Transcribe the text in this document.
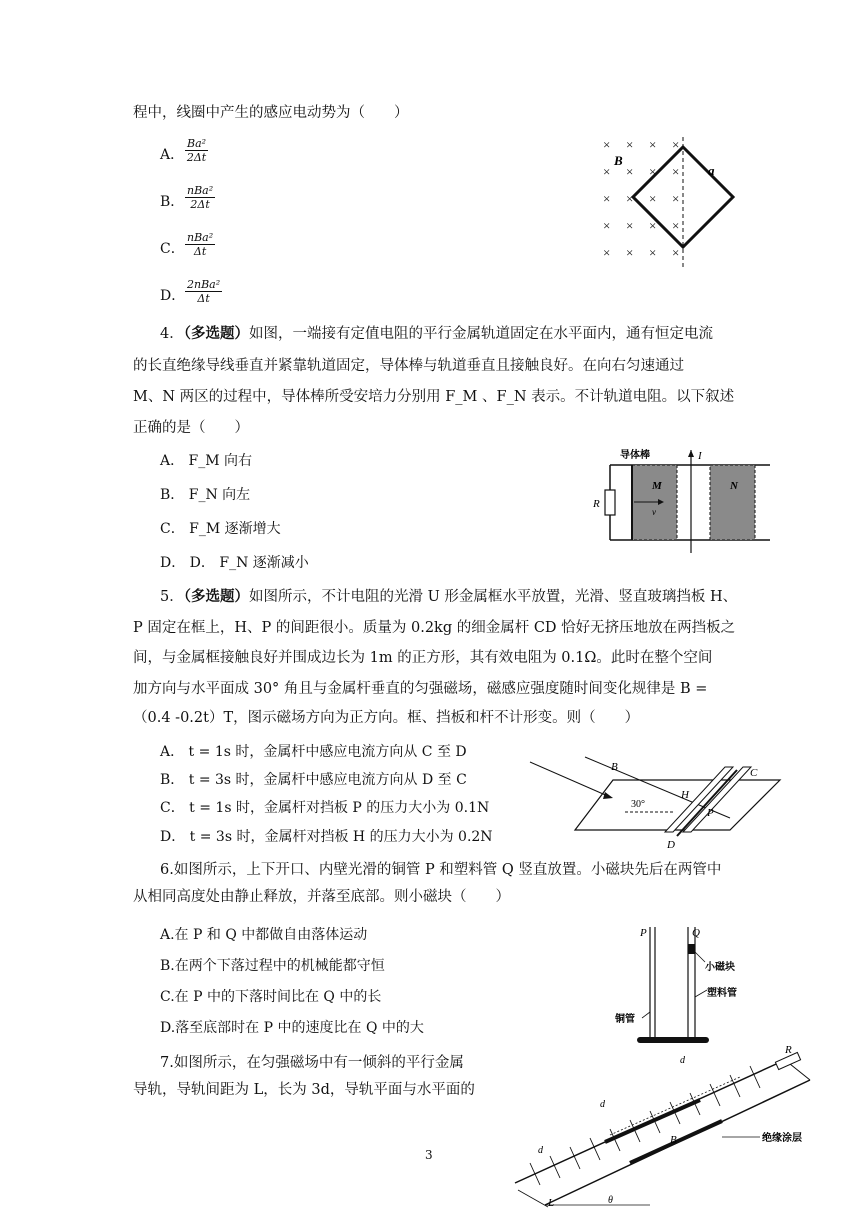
程中，线圈中产生的感应电动势为（　　）
A． $\frac{\text{Ba²}}{2\Delta t}$
B．
nBa²
2Δt
C．
nBa²
Δt
D．
2nBa²
Δt
× × × ×
× × × ×
× × × ×
× × × ×
× × × ×
B
a
4．（多选题）如图，一端接有定值电阻的平行金属轨道固定在水平面内，通有恒定电流
的长直绝缘导线垂直并紧靠轨道固定，导体棒与轨道垂直且接触良好。在向右匀速通过
M、N 两区的过程中，导体棒所受安培力分别用 F_M 、F_N 表示。不计轨道电阻。以下叙述
正确的是（　　）
A． F_M 向右
B． F_N 向左
C． F_M 逐渐增大
D． D． F_N 逐渐减小
R
v
I
导体棒
M	N
5．（多选题）如图所示，不计电阻的光滑 U 形金属框水平放置，光滑、竖直玻璃挡板 H、
P 固定在框上，H、P 的间距很小。质量为 0.2kg 的细金属杆 CD 恰好无挤压地放在两挡板之
间，与金属框接触良好并围成边长为 1m 的正方形，其有效电阻为 0.1Ω。此时在整个空间
加方向与水平面成 30° 角且与金属杆垂直的匀强磁场，磁感应强度随时间变化规律是 B =
（0.4 -0.2t）T，图示磁场方向为正方向。框、挡板和杆不计形变。则（　　）
A． t = 1s 时，金属杆中感应电流方向从 C 至 D
B． t = 3s 时，金属杆中感应电流方向从 D 至 C
C． t = 1s 时，金属杆对挡板 P 的压力大小为 0.1N
D． t = 3s 时，金属杆对挡板 H 的压力大小为 0.2N
B
30°
C
H
P
D
6.如图所示，上下开口、内壁光滑的铜管 P 和塑料管 Q 竖直放置。小磁块先后在两管中
从相同高度处由静止释放，并落至底部。则小磁块（　　）
A.在 P 和 Q 中都做自由落体运动
B.在两个下落过程中的机械能都守恒
C.在 P 中的下落时间比在 Q 中的长
D.落至底部时在 P 中的速度比在 Q 中的大
P	Q
小磁块
塑料管
铜管
7.如图所示，在匀强磁场中有一倾斜的平行金属
导轨，导轨间距为 L，长为 3d，导轨平面与水平面的
R
d
d
d
B	绝缘涂层
L	θ
3
